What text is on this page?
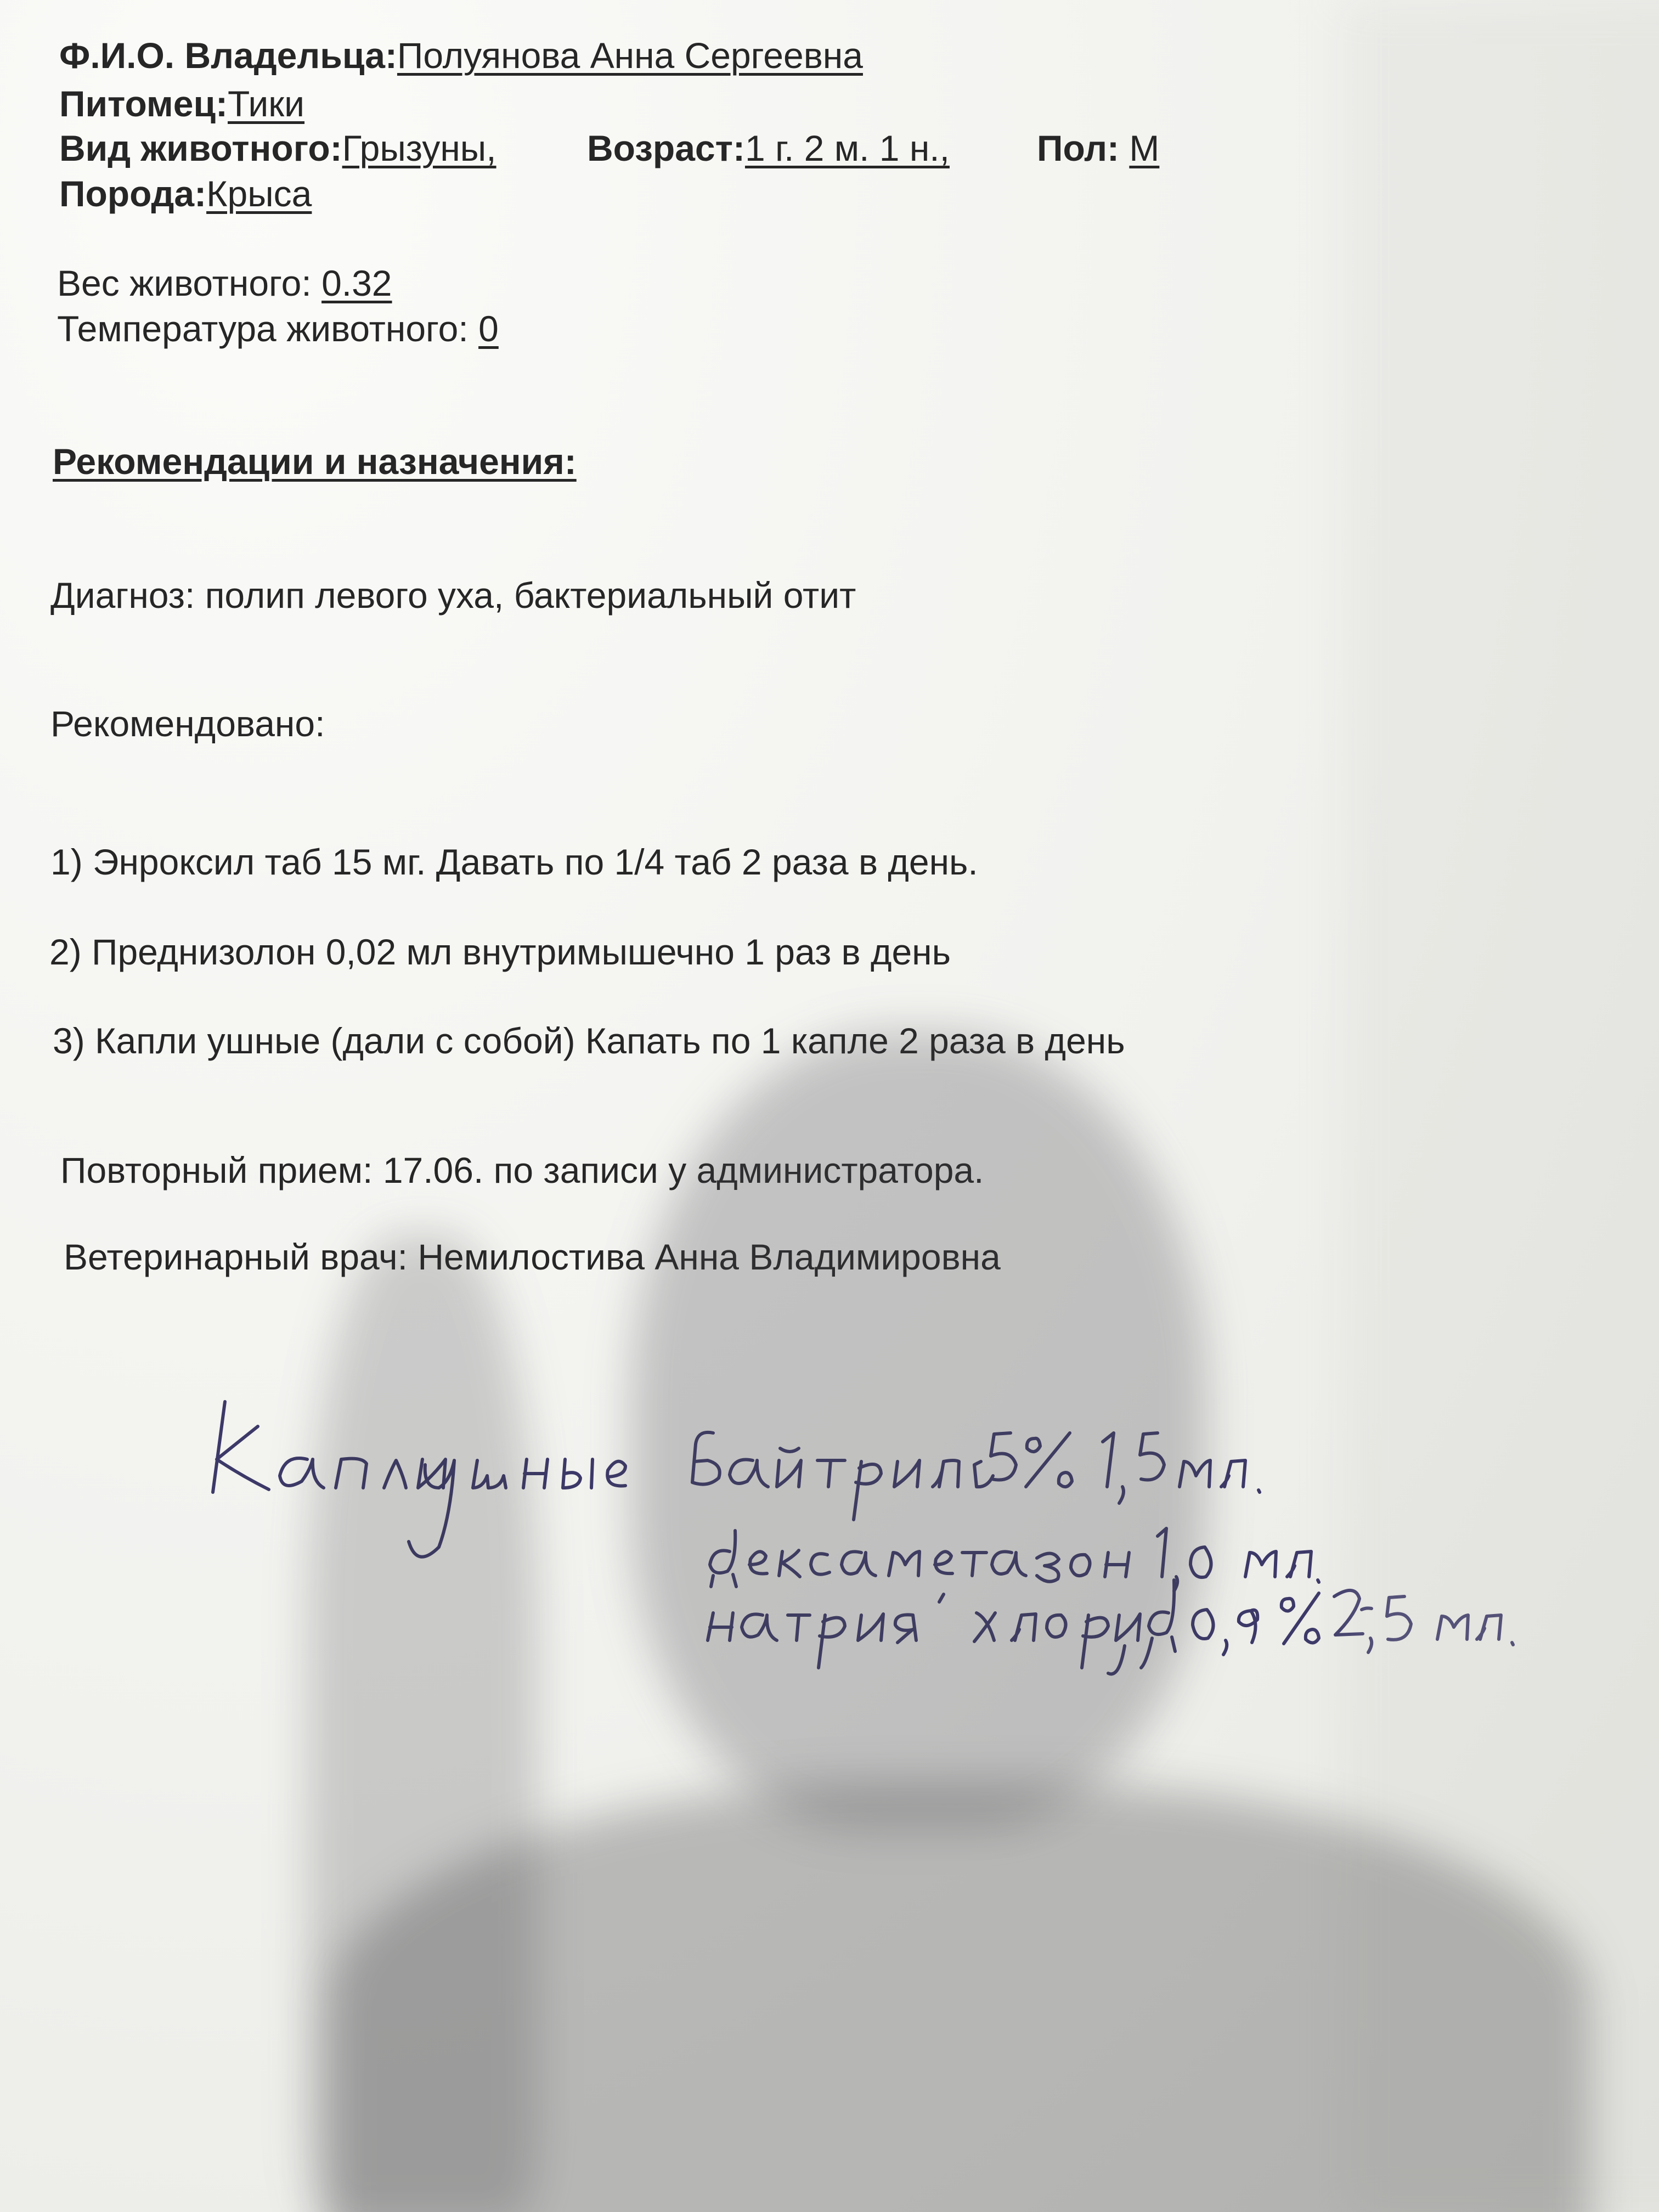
Ф.И.О. Владельца:Полуянова Анна Сергеевна
Питомец:Тики
Вид животного:Грызуны,	Возраст:1 г. 2 м. 1 н., Пол: М
Порода:Крыса
Вес животного: 0.32
Температура животного: 0
Рекомендации и назначения:
Диагноз: полип левого уха, бактериальный отит
Рекомендовано:
1) Энроксил таб 15 мг. Давать по 1/4 таб 2 раза в день.
2) Преднизолон 0,02 мл внутримышечно 1 раз в день
3) Капли ушные (дали с собой) Капать по 1 капле 2 раза в день
Повторный прием: 17.06. по записи у администратора.
Ветеринарный врач: Немилостива Анна Владимировна
